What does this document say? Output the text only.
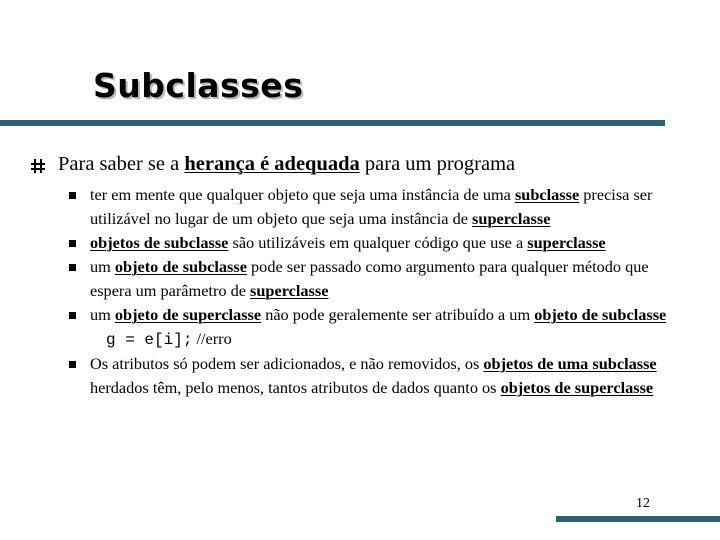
Subclasses
Para saber se a herança é adequada para um programa
ter em mente que qualquer objeto que seja uma instância de uma subclasse precisa ser utilizável no lugar de um objeto que seja uma instância de superclasse
objetos de subclasse são utilizáveis em qualquer código que use a superclasse
um objeto de subclasse pode ser passado como argumento para qualquer método que espera um parâmetro de superclasse
um objeto de superclasse não pode geralemente ser atribuído a um objeto de subclasse
g = e[i]; //erro
Os atributos só podem ser adicionados, e não removidos, os objetos de uma subclasse herdados têm, pelo menos, tantos atributos de dados quanto os objetos de superclasse
12
